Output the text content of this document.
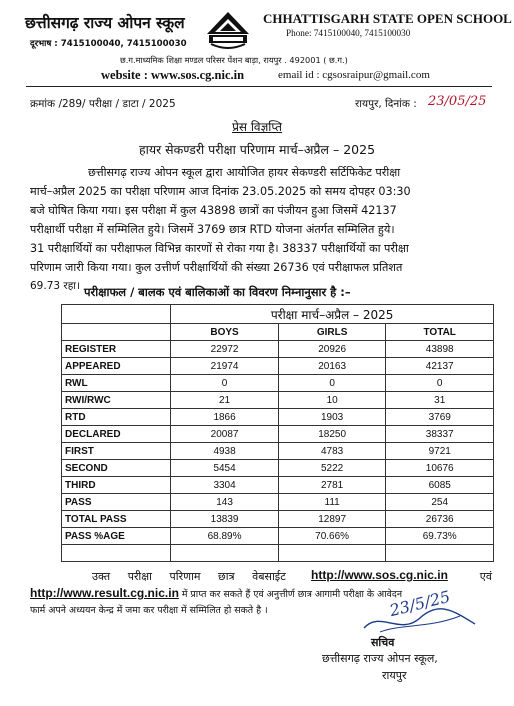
छत्तीसगढ़ राज्य ओपन स्कूल
दूरभाष : 7415100040, 7415100030
CHHATTISGARH STATE OPEN SCHOOL
Phone: 7415100040, 7415100030
छ.ग.माध्यमिक शिक्षा मण्डल परिसर पेंशन बाड़ा, रायपुर . 492001 ( छ.ग.)
website : www.sos.cg.nic.in	email id : cgsosraipur@gmail.com
क्रमांक /289/ परीक्षा / डाटा / 2025	रायपुर, दिनांक : 23/05/25
प्रेस विज्ञप्ति
हायर सेकण्डरी परीक्षा परिणाम मार्च–अप्रैल – 2025
छत्तीसगढ़ राज्य ओपन स्कूल द्वारा आयोजित हायर सेकण्डरी सर्टिफिकेट परीक्षा
मार्च–अप्रैल 2025 का परीक्षा परिणाम आज दिनांक 23.05.2025 को समय दोपहर 03:30
बजे घोषित किया गया। इस परीक्षा में कुल 43898 छात्रों का पंजीयन हुआ जिसमें 42137
परीक्षार्थी परीक्षा में सम्मिलित हुये। जिसमें 3769 छात्र RTD योजना अंतर्गत सम्मिलित हुये।
31 परीक्षार्थियों का परीक्षाफल विभिन्न कारणों से रोका गया है। 38337 परीक्षार्थियों का परीक्षा
परिणाम जारी किया गया। कुल उत्तीर्ण परीक्षार्थियों की संख्या 26736 एवं परीक्षाफल प्रतिशत
69.73 रहा। परीक्षाफल / बालक एवं बालिकाओं का विवरण निम्नानुसार है :–
	परीक्षा मार्च–अप्रैल – 2025		
	BOYS	GIRLS	TOTAL
REGISTER	22972	20926	43898
APPEARED	21974	20163	42137
RWL	0	0	0
RWI/RWC	21	10	31
RTD	1866	1903	3769
DECLARED	20087	18250	38337
FIRST	4938	4783	9721
SECOND	5454	5222	10676
THIRD	3304	2781	6085
PASS	143	111	254
TOTAL PASS	13839	12897	26736
PASS %AGE	68.89%	70.66%	69.73%

उक्त परीक्षा परिणाम छात्र वेबसाईट http://www.sos.cg.nic.in	एवं
http://www.result.cg.nic.in में प्राप्त कर सकते हैं एवं अनुत्तीर्ण छात्र आगामी परीक्षा के आवेदन
फार्म अपने अध्ययन केन्द्र में जमा कर परीक्षा में सम्मिलित हो सकते है ।	23/5/25
सचिव
छत्तीसगढ़ राज्य ओपन स्कूल,
रायपुर
